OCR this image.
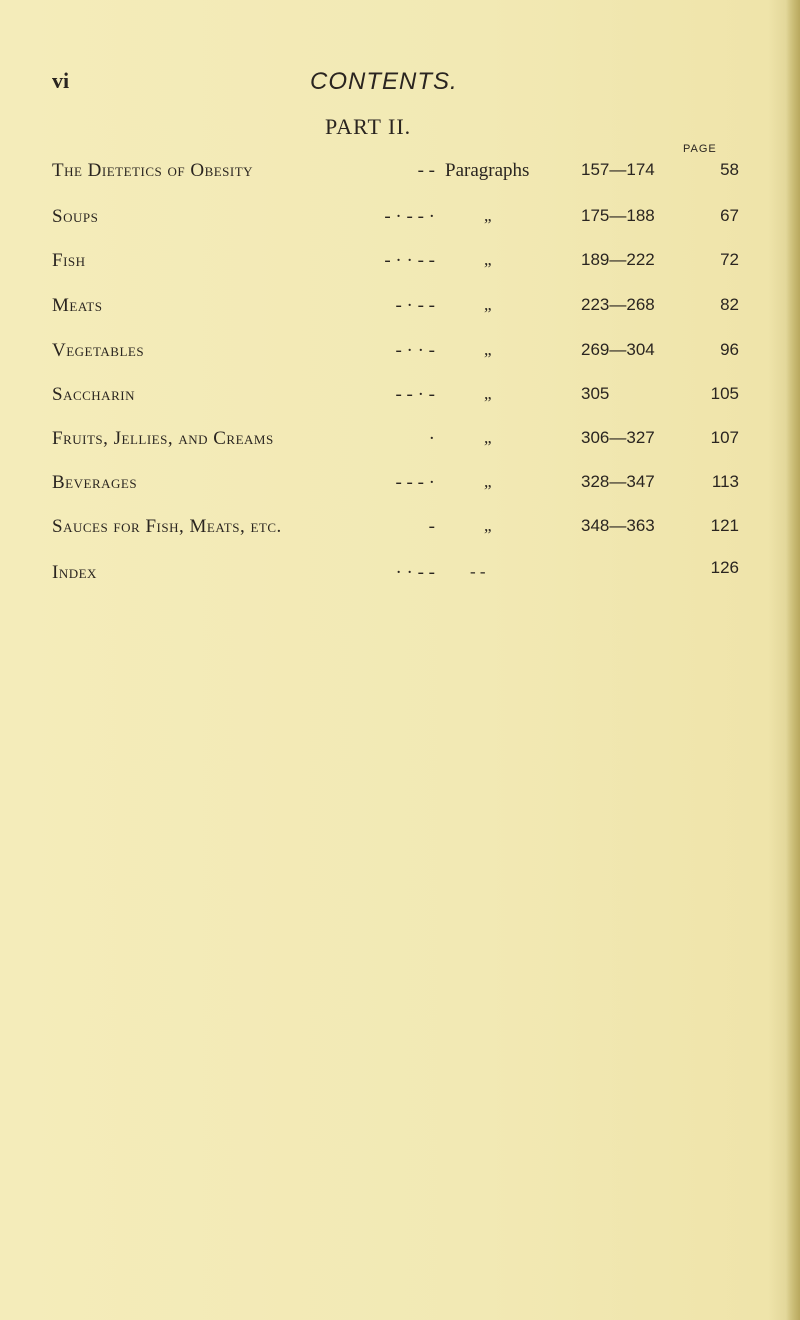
vi	CONTENTS.
PART II.
PAGE
The Dietetics of Obesity	- - Paragraphs	157—174	58
Soups	- · - - ·	„	175—188	67
Fish	- · · - -	„	189—222	72
Meats	- · - -	„	223—268	82
Vegetables	- · · -	„	269—304	96
Saccharin	- - · -	„	305	105
Fruits, Jellies, and Creams	·	„	306—327	107
Beverages	- - - ·	„	328—347	113
Sauces for Fish, Meats, etc.	-	„	348—363	121
Index	· · - - - -	126
